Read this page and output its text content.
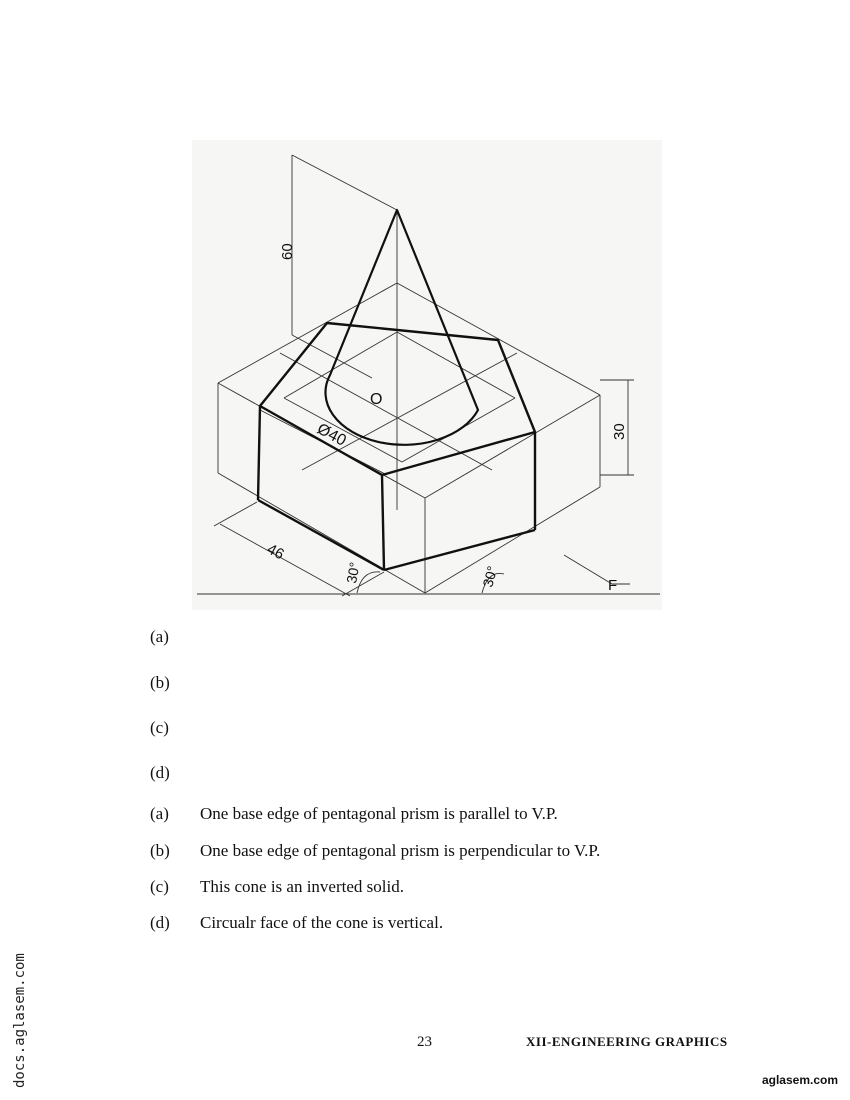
60
O
Ø40	30
46
30°	30°	F
(a)
(b)
(c)
(d)
(a)	One base edge of pentagonal prism is parallel to V.P.
(b)	One base edge of pentagonal prism is perpendicular to V.P.
(c)	This cone is an inverted solid.
(d)	Circualr face of the cone is vertical.
23	XII-ENGINEERING GRAPHICS
docs.aglasem.com	aglasem.com
